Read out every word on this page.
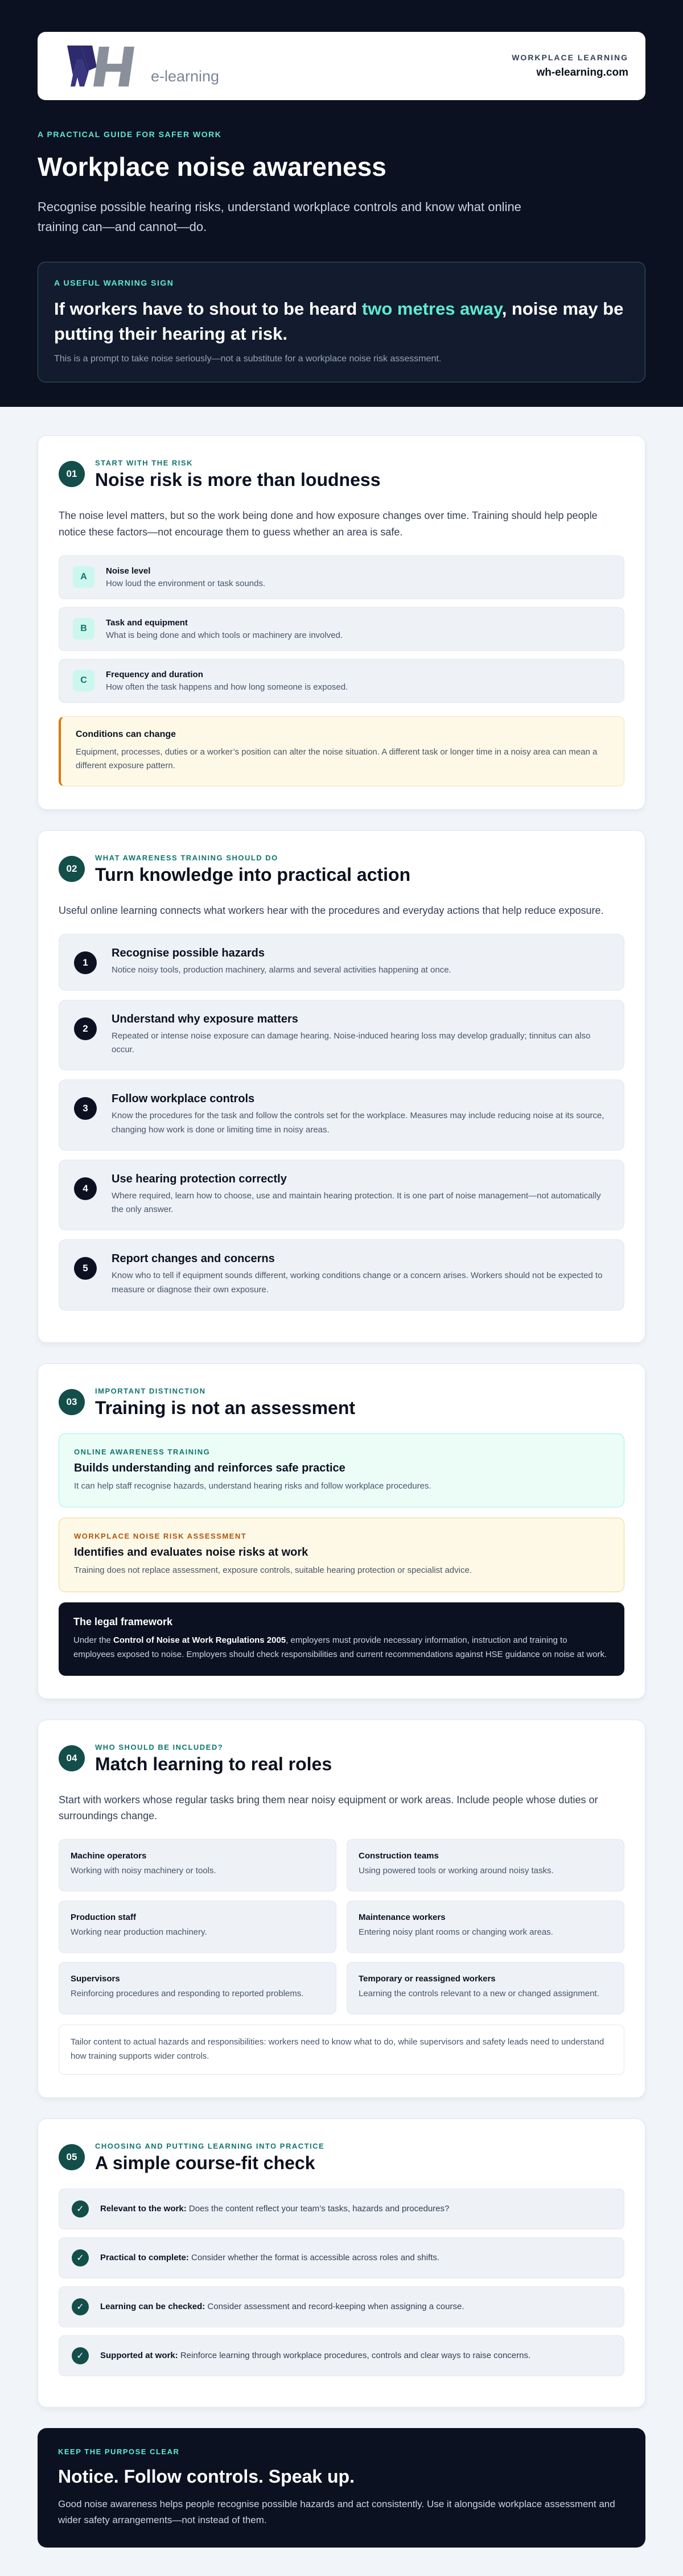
e-learning
WORKPLACE LEARNING
wh-elearning.com
A PRACTICAL GUIDE FOR SAFER WORK
Workplace noise awareness

Recognise possible hearing risks, understand workplace controls and know what online training can—and cannot—do.

A USEFUL WARNING SIGN
If workers have to shout to be heard two metres away, noise may be putting their hearing at risk.
This is a prompt to take noise seriously—not a substitute for a workplace noise risk assessment.
01
START WITH THE RISK
Noise risk is more than loudness

The noise level matters, but so the work being done and how exposure changes over time. Training should help people notice these factors—not encourage them to guess whether an area is safe.

A
Noise level
How loud the environment or task sounds.
B
Task and equipment
What is being done and which tools or machinery are involved.
C
Frequency and duration
How often the task happens and how long someone is exposed.
Conditions can change
Equipment, processes, duties or a worker’s position can alter the noise situation. A different task or longer time in a noisy area can mean a different exposure pattern.
02
WHAT AWARENESS TRAINING SHOULD DO
Turn knowledge into practical action

Useful online learning connects what workers hear with the procedures and everyday actions that help reduce exposure.

1
Recognise possible hazards
Notice noisy tools, production machinery, alarms and several activities happening at once.
2
Understand why exposure matters
Repeated or intense noise exposure can damage hearing. Noise-induced hearing loss may develop gradually; tinnitus can also occur.
3
Follow workplace controls
Know the procedures for the task and follow the controls set for the workplace. Measures may include reducing noise at its source, changing how work is done or limiting time in noisy areas.
4
Use hearing protection correctly
Where required, learn how to choose, use and maintain hearing protection. It is one part of noise management—not automatically the only answer.
5
Report changes and concerns
Know who to tell if equipment sounds different, working conditions change or a concern arises. Workers should not be expected to measure or diagnose their own exposure.
03
IMPORTANT DISTINCTION
Training is not an assessment
ONLINE AWARENESS TRAINING
Builds understanding and reinforces safe practice
It can help staff recognise hazards, understand hearing risks and follow workplace procedures.
WORKPLACE NOISE RISK ASSESSMENT
Identifies and evaluates noise risks at work
Training does not replace assessment, exposure controls, suitable hearing protection or specialist advice.
The legal framework
Under the Control of Noise at Work Regulations 2005, employers must provide necessary information, instruction and training to employees exposed to noise. Employers should check responsibilities and current recommendations against HSE guidance on noise at work.
04
WHO SHOULD BE INCLUDED?
Match learning to real roles

Start with workers whose regular tasks bring them near noisy equipment or work areas. Include people whose duties or surroundings change.

Machine operators
Working with noisy machinery or tools.
Construction teams
Using powered tools or working around noisy tasks.
Production staff
Working near production machinery.
Maintenance workers
Entering noisy plant rooms or changing work areas.
Supervisors
Reinforcing procedures and responding to reported problems.
Temporary or reassigned workers
Learning the controls relevant to a new or changed assignment.
Tailor content to actual hazards and responsibilities: workers need to know what to do, while supervisors and safety leads need to understand how training supports wider controls.
05
CHOOSING AND PUTTING LEARNING INTO PRACTICE
A simple course-fit check
✓	Relevant to the work: Does the content reflect your team’s tasks, hazards and procedures?
✓	Practical to complete: Consider whether the format is accessible across roles and shifts.
✓	Learning can be checked: Consider assessment and record-keeping when assigning a course.
✓	Supported at work: Reinforce learning through workplace procedures, controls and clear ways to raise concerns.
KEEP THE PURPOSE CLEAR
Notice. Follow controls. Speak up.

Good noise awareness helps people recognise possible hazards and act consistently. Use it alongside workplace assessment and wider safety arrangements—not instead of them.
